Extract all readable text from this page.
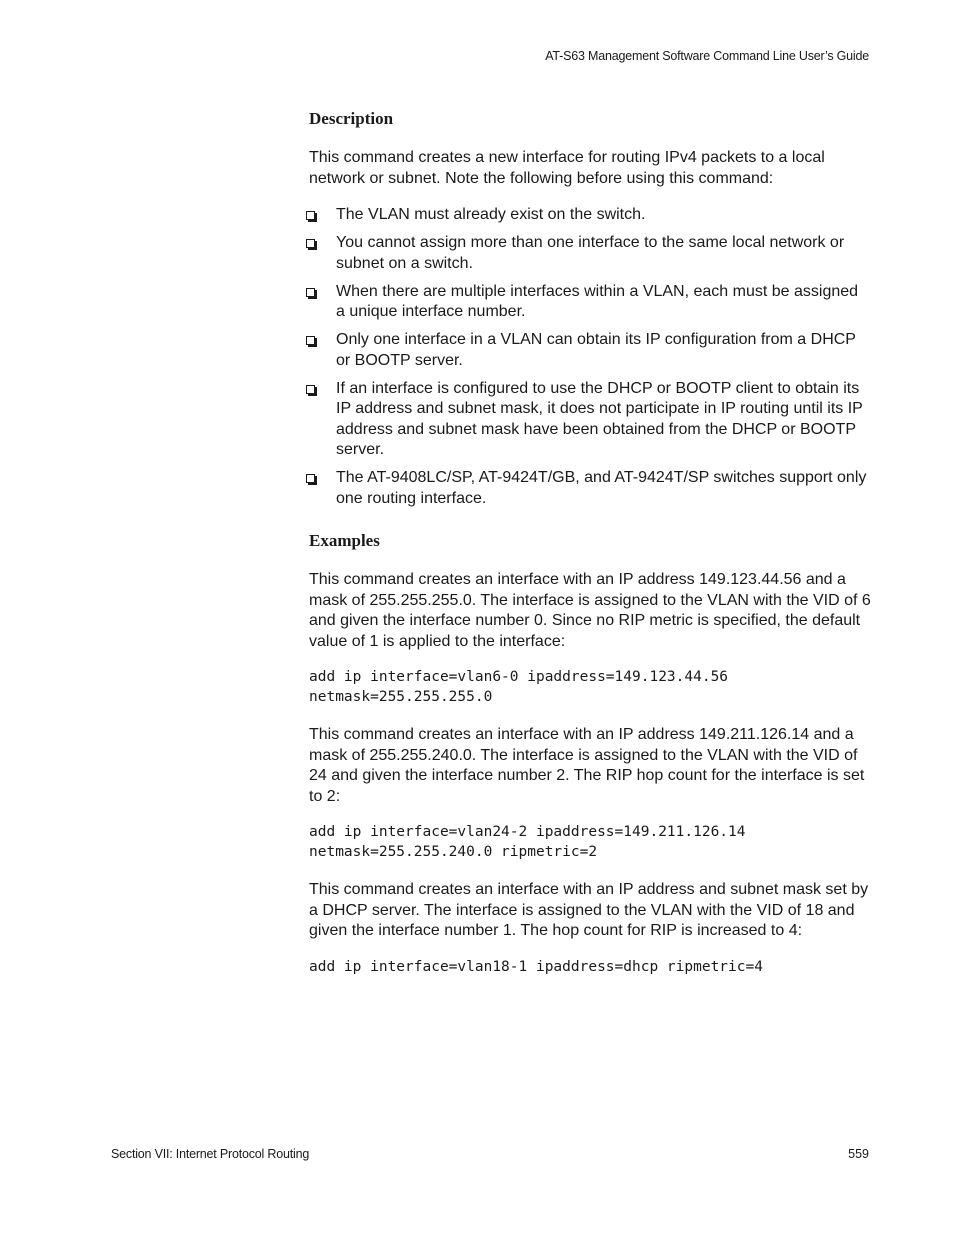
AT-S63 Management Software Command Line User’s Guide
Description

This command creates a new interface for routing IPv4 packets to a local network or subnet. Note the following before using this command:

The VLAN must already exist on the switch.
You cannot assign more than one interface to the same local network or subnet on a switch.
When there are multiple interfaces within a VLAN, each must be assigned a unique interface number.
Only one interface in a VLAN can obtain its IP configuration from a DHCP or BOOTP server.
If an interface is configured to use the DHCP or BOOTP client to obtain its IP address and subnet mask, it does not participate in IP routing until its IP address and subnet mask have been obtained from the DHCP or BOOTP server.
The AT-9408LC/SP, AT-9424T/GB, and AT-9424T/SP switches support only one routing interface.
Examples

This command creates an interface with an IP address 149.123.44.56 and a mask of 255.255.255.0. The interface is assigned to the VLAN with the VID of 6 and given the interface number 0. Since no RIP metric is specified, the default value of 1 is applied to the interface:

add ip interface=vlan6-0 ipaddress=149.123.44.56
netmask=255.255.255.0

This command creates an interface with an IP address 149.211.126.14 and a mask of 255.255.240.0. The interface is assigned to the VLAN with the VID of 24 and given the interface number 2. The RIP hop count for the interface is set to 2:

add ip interface=vlan24-2 ipaddress=149.211.126.14
netmask=255.255.240.0 ripmetric=2

This command creates an interface with an IP address and subnet mask set by a DHCP server. The interface is assigned to the VLAN with the VID of 18 and given the interface number 1. The hop count for RIP is increased to 4:

add ip interface=vlan18-1 ipaddress=dhcp ripmetric=4
Section VII: Internet Protocol Routing	559
